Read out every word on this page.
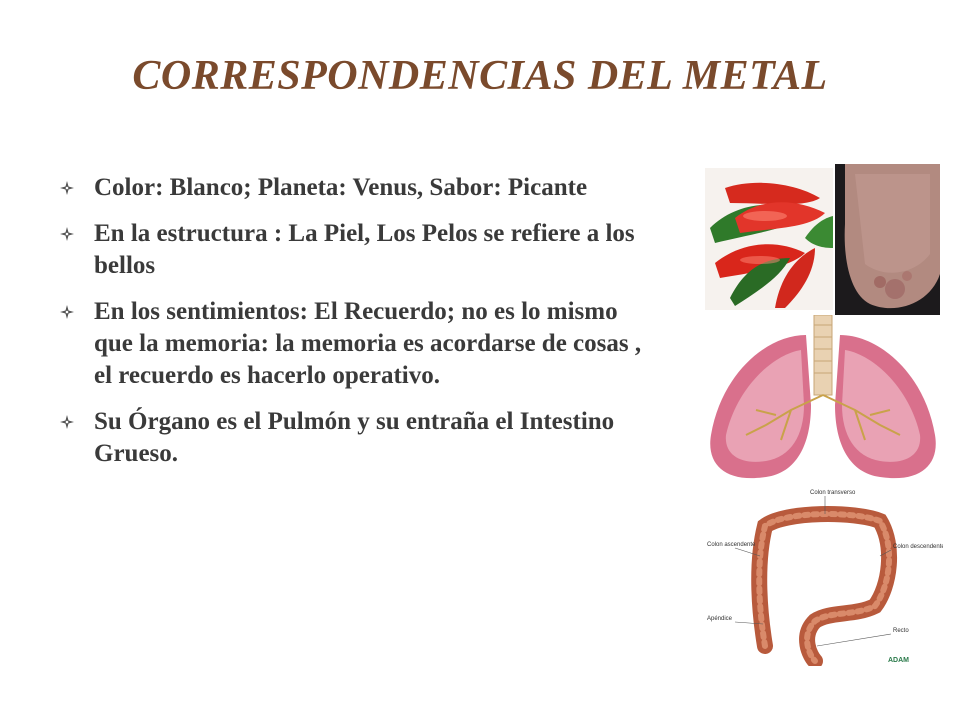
CORRESPONDENCIAS DEL METAL
Color: Blanco; Planeta: Venus, Sabor: Picante
En la estructura : La Piel, Los Pelos se refiere a los bellos
En los sentimientos: El Recuerdo; no es lo mismo que la memoria: la memoria es acordarse de cosas , el recuerdo es hacerlo operativo.
Su Órgano es el Pulmón y su entraña el Intestino Grueso.
Colon transverso
Colon ascendente	Colon descendente
Apéndice
Recto
ADAM
